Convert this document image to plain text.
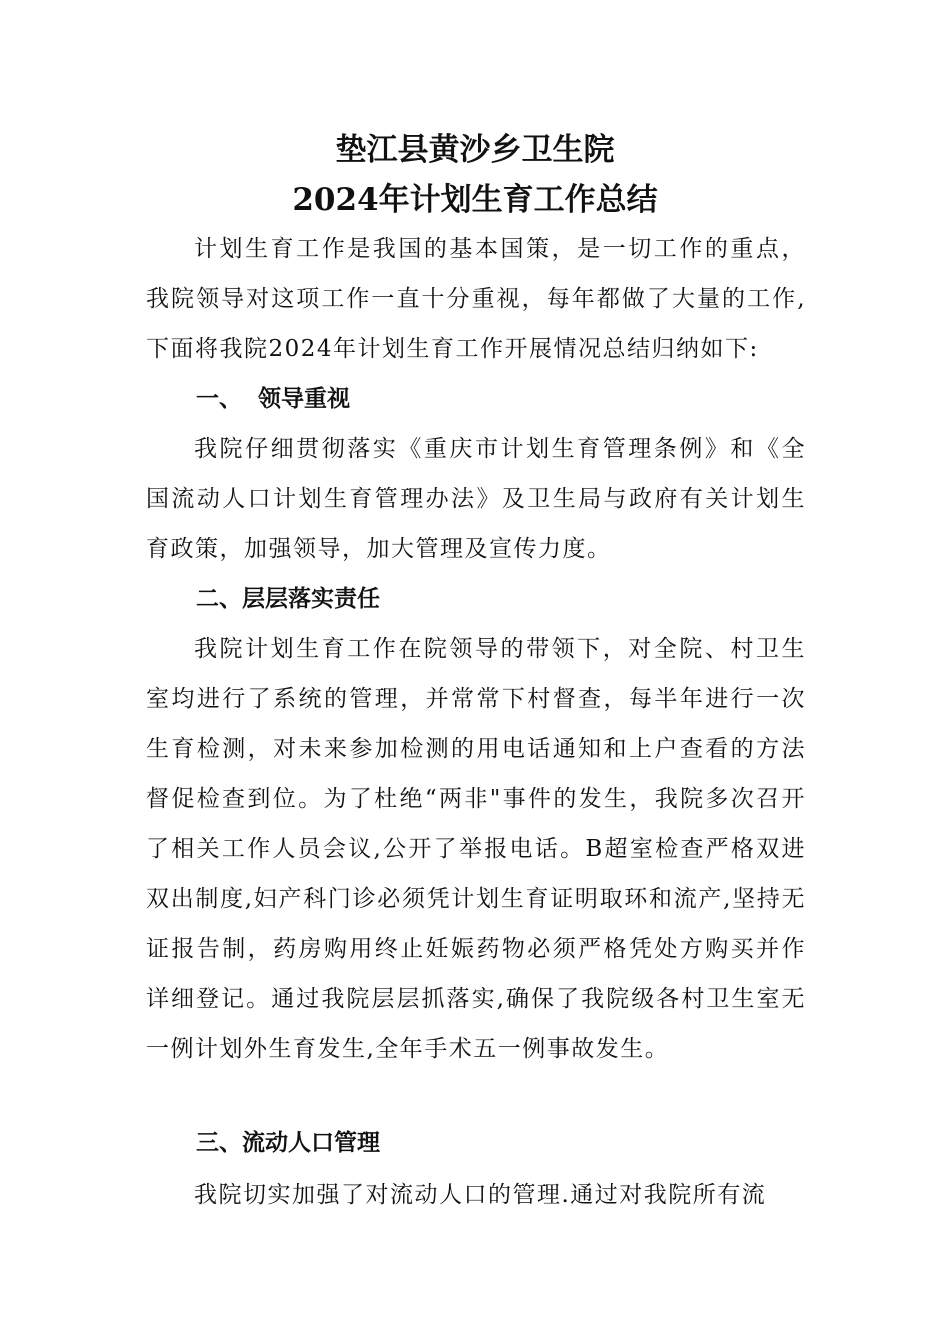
垫江县黄沙乡卫生院
2024年计划生育工作总结

计划生育工作是我国的基本国策，是一切工作的重点，我院领导对这项工作一直十分重视，每年都做了大量的工作,下面将我院2024年计划生育工作开展情况总结归纳如下:

一、  领导重视

我院仔细贯彻落实《重庆市计划生育管理条例》和《全国流动人口计划生育管理办法》及卫生局与政府有关计划生育政策，加强领导，加大管理及宣传力度。

二、层层落实责任

我院计划生育工作在院领导的带领下，对全院、村卫生室均进行了系统的管理，并常常下村督查，每半年进行一次生育检测，对未来参加检测的用电话通知和上户查看的方法督促检查到位。为了杜绝“两非"事件的发生，我院多次召开了相关工作人员会议,公开了举报电话。B超室检查严格双进双出制度,妇产科门诊必须凭计划生育证明取环和流产,坚持无证报告制，药房购用终止妊娠药物必须严格凭处方购买并作详细登记。通过我院层层抓落实,确保了我院级各村卫生室无一例计划外生育发生,全年手术五一例事故发生。

三、流动人口管理

我院切实加强了对流动人口的管理.通过对我院所有流
